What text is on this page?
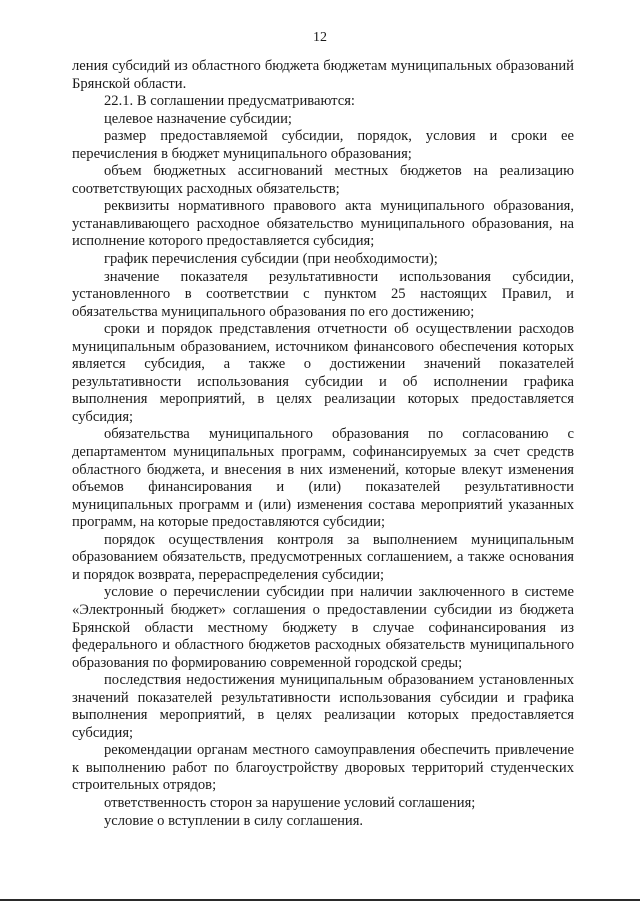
12

ления субсидий из областного бюджета бюджетам муниципальных образований Брянской области.

22.1. В соглашении предусматриваются:

целевое назначение субсидии;

размер предоставляемой субсидии, порядок, условия и сроки ее перечисления в бюджет муниципального образования;

объем бюджетных ассигнований местных бюджетов на реализацию соответствующих расходных обязательств;

реквизиты нормативного правового акта муниципального образования, устанавливающего расходное обязательство муниципального образования, на исполнение которого предоставляется субсидия;

график перечисления субсидии (при необходимости);

значение показателя результативности использования субсидии, установленного в соответствии с пунктом 25 настоящих Правил, и обязательства муниципального образования по его достижению;

сроки и порядок представления отчетности об осуществлении расходов муниципальным образованием, источником финансового обеспечения которых является субсидия, а также о достижении значений показателей результативности использования субсидии и об исполнении графика выполнения мероприятий, в целях реализации которых предоставляется субсидия;

обязательства муниципального образования по согласованию с департаментом муниципальных программ, софинансируемых за счет средств областного бюджета, и внесения в них изменений, которые влекут изменения объемов финансирования и (или) показателей результативности муниципальных программ и (или) изменения состава мероприятий указанных программ, на которые предоставляются субсидии;

порядок осуществления контроля за выполнением муниципальным образованием обязательств, предусмотренных соглашением, а также основания и порядок возврата, перераспределения субсидии;

условие о перечислении субсидии при наличии заключенного в системе «Электронный бюджет» соглашения о предоставлении субсидии из бюджета Брянской области местному бюджету в случае софинансирования из федерального и областного бюджетов расходных обязательств муниципального образования по формированию современной городской среды;

последствия недостижения муниципальным образованием установленных значений показателей результативности использования субсидии и графика выполнения мероприятий, в целях реализации которых предоставляется субсидия;

рекомендации органам местного самоуправления обеспечить привлечение к выполнению работ по благоустройству дворовых территорий студенческих строительных отрядов;

ответственность сторон за нарушение условий соглашения;

условие о вступлении в силу соглашения.
